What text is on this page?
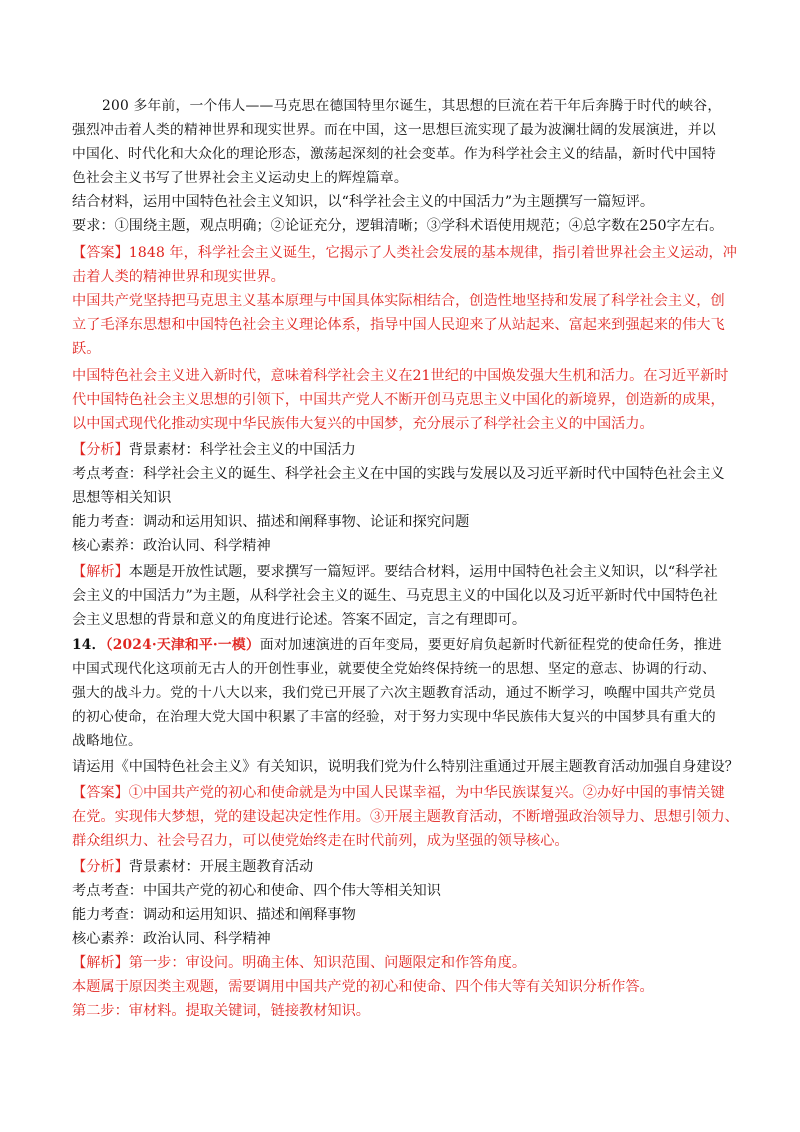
200 多年前，一个伟人——马克思在德国特里尔诞生，其思想的巨流在若干年后奔腾于时代的峡谷，
强烈冲击着人类的精神世界和现实世界。而在中国，这一思想巨流实现了最为波澜壮阔的发展演进，并以
中国化、时代化和大众化的理论形态，激荡起深刻的社会变革。作为科学社会主义的结晶，新时代中国特
色社会主义书写了世界社会主义运动史上的辉煌篇章。
结合材料，运用中国特色社会主义知识，以“科学社会主义的中国活力”为主题撰写一篇短评。
要求：①围绕主题，观点明确；②论证充分，逻辑清晰；③学科术语使用规范；④总字数在250字左右。
【答案】1848 年，科学社会主义诞生，它揭示了人类社会发展的基本规律，指引着世界社会主义运动，冲
击着人类的精神世界和现实世界。
中国共产党坚持把马克思主义基本原理与中国具体实际相结合，创造性地坚持和发展了科学社会主义，创
立了毛泽东思想和中国特色社会主义理论体系，指导中国人民迎来了从站起来、富起来到强起来的伟大飞
跃。
中国特色社会主义进入新时代，意味着科学社会主义在21世纪的中国焕发强大生机和活力。在习近平新时
代中国特色社会主义思想的引领下，中国共产党人不断开创马克思主义中国化的新境界，创造新的成果，
以中国式现代化推动实现中华民族伟大复兴的中国梦，充分展示了科学社会主义的中国活力。
【分析】背景素材：科学社会主义的中国活力
考点考查：科学社会主义的诞生、科学社会主义在中国的实践与发展以及习近平新时代中国特色社会主义
思想等相关知识
能力考查：调动和运用知识、描述和阐释事物、论证和探究问题
核心素养：政治认同、科学精神
【解析】本题是开放性试题，要求撰写一篇短评。要结合材料，运用中国特色社会主义知识，以“科学社
会主义的中国活力”为主题，从科学社会主义的诞生、马克思主义的中国化以及习近平新时代中国特色社
会主义思想的背景和意义的角度进行论述。答案不固定，言之有理即可。
14．（2024·天津和平·一模）面对加速演进的百年变局，要更好肩负起新时代新征程党的使命任务，推进
中国式现代化这项前无古人的开创性事业，就要使全党始终保持统一的思想、坚定的意志、协调的行动、
强大的战斗力。党的十八大以来，我们党已开展了六次主题教育活动，通过不断学习，唤醒中国共产党员
的初心使命，在治理大党大国中积累了丰富的经验，对于努力实现中华民族伟大复兴的中国梦具有重大的
战略地位。
请运用《中国特色社会主义》有关知识，说明我们党为什么特别注重通过开展主题教育活动加强自身建设？
【答案】①中国共产党的初心和使命就是为中国人民谋幸福，为中华民族谋复兴。②办好中国的事情关键
在党。实现伟大梦想，党的建设起决定性作用。③开展主题教育活动，不断增强政治领导力、思想引领力、
群众组织力、社会号召力，可以使党始终走在时代前列，成为坚强的领导核心。
【分析】背景素材：开展主题教育活动
考点考查：中国共产党的初心和使命、四个伟大等相关知识
能力考查：调动和运用知识、描述和阐释事物
核心素养：政治认同、科学精神
【解析】第一步：审设问。明确主体、知识范围、问题限定和作答角度。
本题属于原因类主观题，需要调用中国共产党的初心和使命、四个伟大等有关知识分析作答。
第二步：审材料。提取关键词，链接教材知识。
